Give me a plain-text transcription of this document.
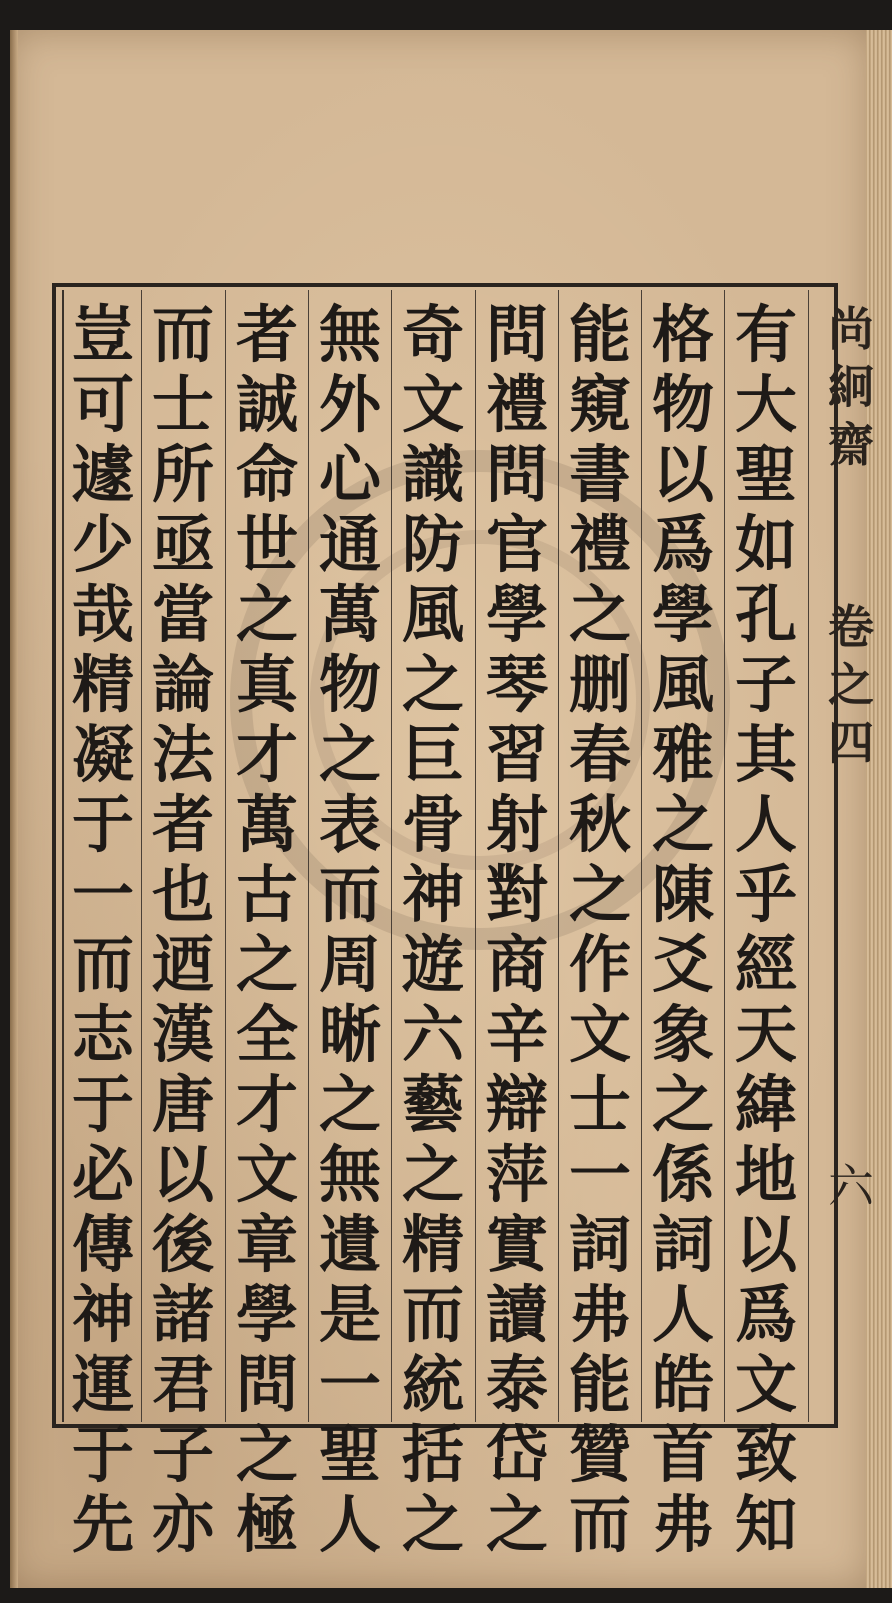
尚
絅
齋
卷
之
四
六
有
大
聖
如
孔
子
其
人
乎
經
天
緯
地
以
爲
文
致
知
格
物
以
爲
學
風
雅
之
陳
爻
象
之
係
詞
人
皓
首
弗
能
窺
書
禮
之
删
春
秋
之
作
文
士
一
詞
弗
能
贊
而
問
禮
問
官
學
琴
習
射
對
商
辛
辯
萍
實
讀
泰
岱
之
奇
文
識
防
風
之
巨
骨
神
遊
六
藝
之
精
而
統
括
之
無
外
心
通
萬
物
之
表
而
周
晰
之
無
遺
是
一
聖
人
者
誠
命
世
之
真
才
萬
古
之
全
才
文
章
學
問
之
極
而
士
所
亟
當
論
法
者
也
迺
漢
唐
以
後
諸
君
子
亦
豈
可
遽
少
哉
精
凝
于
一
而
志
于
必
傳
神
運
于
先
